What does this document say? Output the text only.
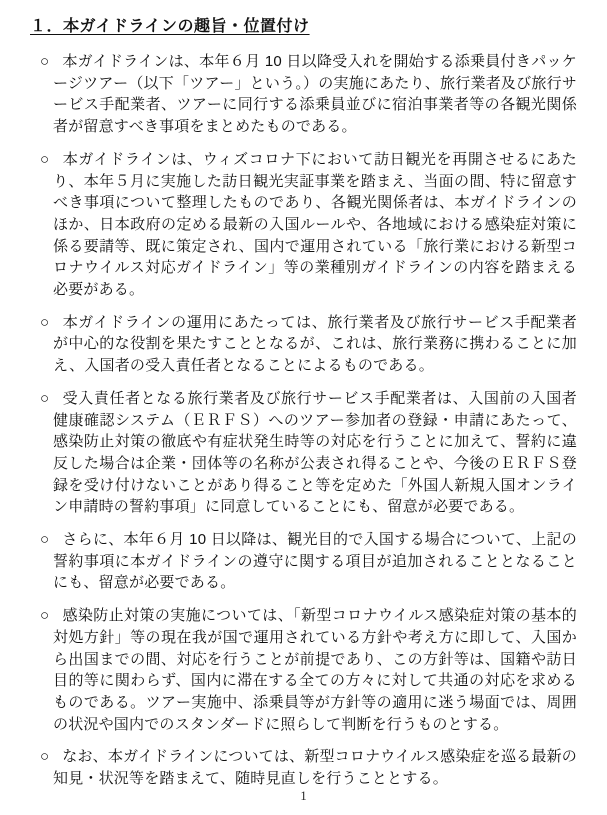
１．本ガイドラインの趣旨・位置付け

○ 本ガイドラインは、本年６月 10 日以降受入れを開始する添乗員付きパッケージツアー（以下「ツアー」という。）の実施にあたり、旅行業者及び旅行サービス手配業者、ツアーに同行する添乗員並びに宿泊事業者等の各観光関係者が留意すべき事項をまとめたものである。

○ 本ガイドラインは、ウィズコロナ下において訪日観光を再開させるにあたり、本年５月に実施した訪日観光実証事業を踏まえ、当面の間、特に留意すべき事項について整理したものであり、各観光関係者は、本ガイドラインのほか、日本政府の定める最新の入国ルールや、各地域における感染症対策に係る要請等、既に策定され、国内で運用されている「旅行業における新型コロナウイルス対応ガイドライン」等の業種別ガイドラインの内容を踏まえる必要がある。

○ 本ガイドラインの運用にあたっては、旅行業者及び旅行サービス手配業者が中心的な役割を果たすこととなるが、これは、旅行業務に携わることに加え、入国者の受入責任者となることによるものである。

○ 受入責任者となる旅行業者及び旅行サービス手配業者は、入国前の入国者健康確認システム（ＥＲＦＳ）へのツアー参加者の登録・申請にあたって、感染防止対策の徹底や有症状発生時等の対応を行うことに加えて、誓約に違反した場合は企業・団体等の名称が公表され得ることや、今後のＥＲＦＳ登録を受け付けないことがあり得ること等を定めた「外国人新規入国オンライン申請時の誓約事項」に同意していることにも、留意が必要である。

○ さらに、本年６月 10 日以降は、観光目的で入国する場合について、上記の誓約事項に本ガイドラインの遵守に関する項目が追加されることとなることにも、留意が必要である。

○ 感染防止対策の実施については、「新型コロナウイルス感染症対策の基本的対処方針」等の現在我が国で運用されている方針や考え方に即して、入国から出国までの間、対応を行うことが前提であり、この方針等は、国籍や訪日目的等に関わらず、国内に滞在する全ての方々に対して共通の対応を求めるものである。ツアー実施中、添乗員等が方針等の適用に迷う場面では、周囲の状況や国内でのスタンダードに照らして判断を行うものとする。

○ なお、本ガイドラインについては、新型コロナウイルス感染症を巡る最新の知見・状況等を踏まえて、随時見直しを行うこととする。

1
